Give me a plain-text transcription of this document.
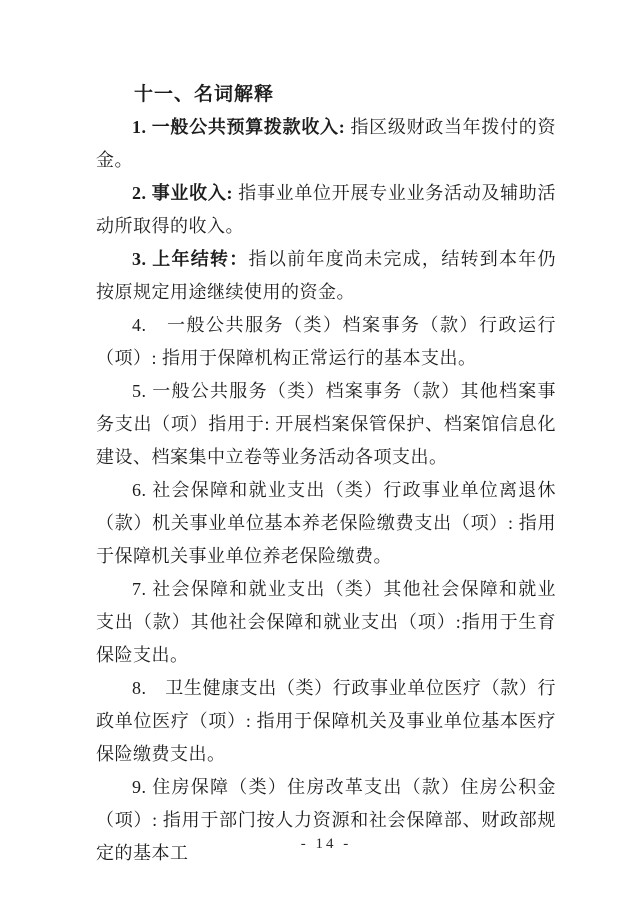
十一、名词解释

1. 一般公共预算拨款收入: 指区级财政当年拨付的资金。

2. 事业收入: 指事业单位开展专业业务活动及辅助活动所取得的收入。

3. 上年结转：指以前年度尚未完成，结转到本年仍按原规定用途继续使用的资金。

4.　一般公共服务（类）档案事务（款）行政运行（项）: 指用于保障机构正常运行的基本支出。

5. 一般公共服务（类）档案事务（款）其他档案事务支出（项）指用于: 开展档案保管保护、档案馆信息化建设、档案集中立卷等业务活动各项支出。

6. 社会保障和就业支出（类）行政事业单位离退休（款）机关事业单位基本养老保险缴费支出（项）: 指用于保障机关事业单位养老保险缴费。

7. 社会保障和就业支出（类）其他社会保障和就业支出（款）其他社会保障和就业支出（项）:指用于生育保险支出。

8.　卫生健康支出（类）行政事业单位医疗（款）行政单位医疗（项）: 指用于保障机关及事业单位基本医疗保险缴费支出。

9. 住房保障（类）住房改革支出（款）住房公积金（项）: 指用于部门按人力资源和社会保障部、财政部规定的基本工	- 14 -
